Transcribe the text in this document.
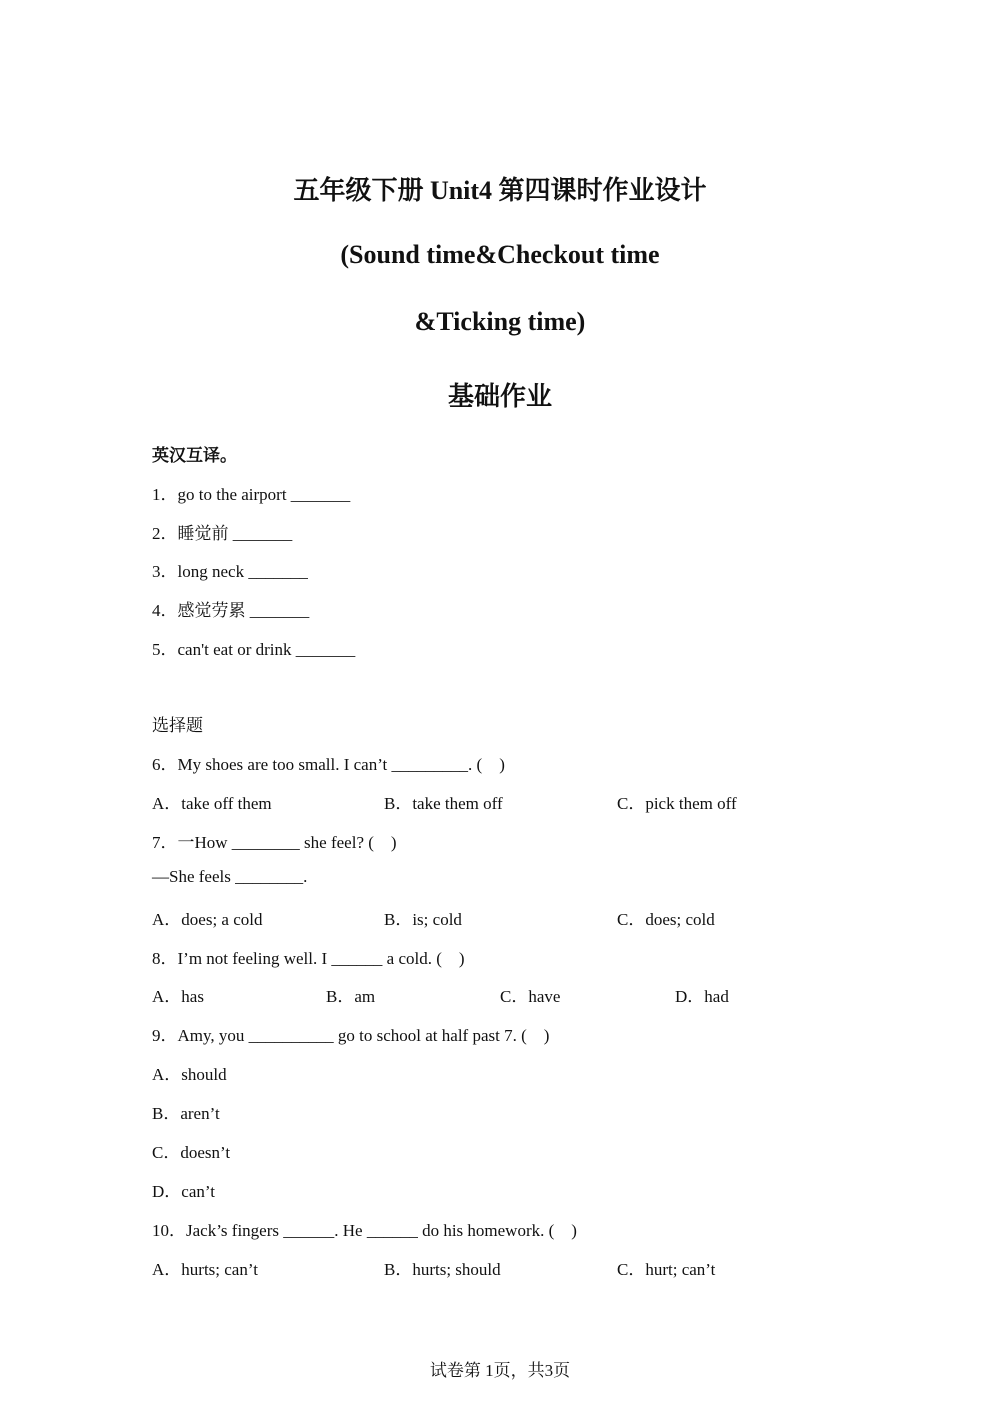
五年级下册 Unit4 第四课时作业设计
(Sound time&Checkout time
&Ticking time)
基础作业
英汉互译。
1．go to the airport _______
2．睡觉前 _______
3．long neck _______
4．感觉劳累 _______
5．can't eat or drink _______
选择题
6．My shoes are too small. I can’t _________. (　)
A．take off them	B．take them off	C．pick them off
7．一How ________ she feel? (　)
—She feels ________.
A．does; a cold	B．is; cold	C．does; cold
8．I’m not feeling well. I ______ a cold. (　)
A．has	B．am	C．have	D．had
9．Amy, you __________ go to school at half past 7. (　)
A．should
B．aren’t
C．doesn’t
D．can’t
10．Jack’s fingers ______. He ______ do his homework. (　)
A．hurts; can’t	B．hurts; should	C．hurt; can’t
试卷第 1页，共3页
